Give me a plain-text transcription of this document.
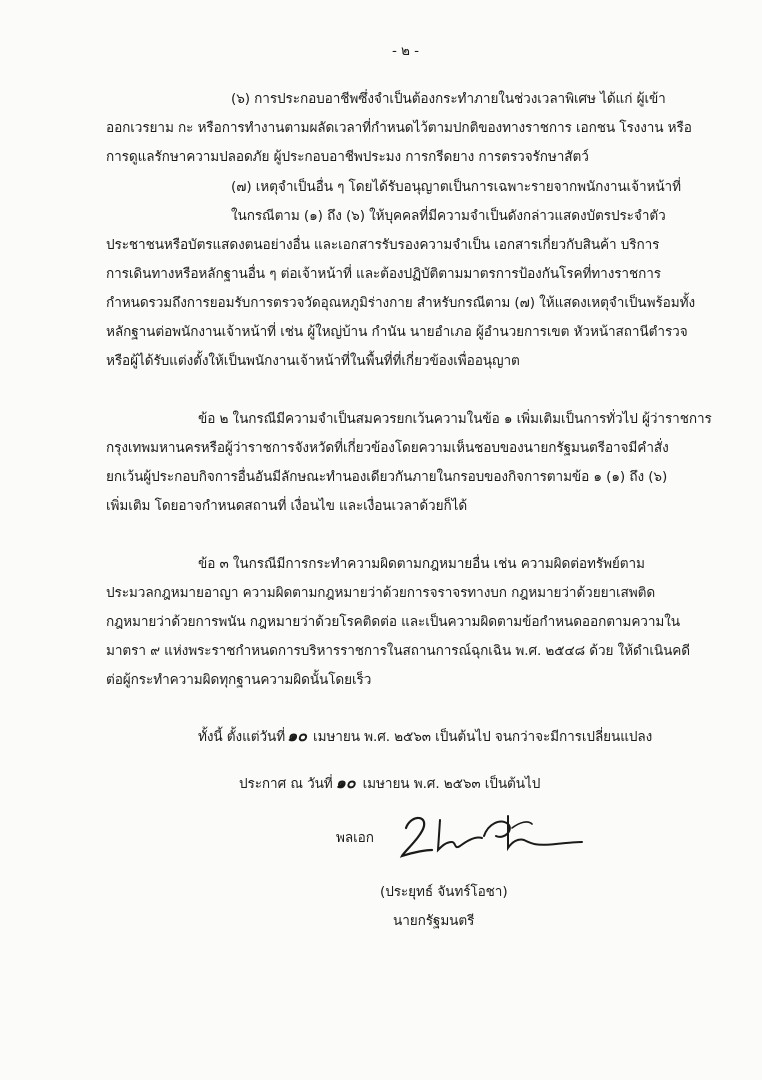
- ๒ -
(๖) การประกอบอาชีพซึ่งจำเป็นต้องกระทำภายในช่วงเวลาพิเศษ ได้แก่ ผู้เข้า
ออกเวรยาม กะ หรือการทำงานตามผลัดเวลาที่กำหนดไว้ตามปกติของทางราชการ เอกชน โรงงาน หรือ
การดูแลรักษาความปลอดภัย ผู้ประกอบอาชีพประมง การกรีดยาง การตรวจรักษาสัตว์
(๗) เหตุจำเป็นอื่น ๆ โดยได้รับอนุญาตเป็นการเฉพาะรายจากพนักงานเจ้าหน้าที่
ในกรณีตาม (๑) ถึง (๖) ให้บุคคลที่มีความจำเป็นดังกล่าวแสดงบัตรประจำตัว
ประชาชนหรือบัตรแสดงตนอย่างอื่น และเอกสารรับรองความจำเป็น เอกสารเกี่ยวกับสินค้า บริการ
การเดินทางหรือหลักฐานอื่น ๆ ต่อเจ้าหน้าที่ และต้องปฏิบัติตามมาตรการป้องกันโรคที่ทางราชการ
กำหนดรวมถึงการยอมรับการตรวจวัดอุณหภูมิร่างกาย สำหรับกรณีตาม (๗) ให้แสดงเหตุจำเป็นพร้อมทั้ง
หลักฐานต่อพนักงานเจ้าหน้าที่ เช่น ผู้ใหญ่บ้าน กำนัน นายอำเภอ ผู้อำนวยการเขต หัวหน้าสถานีตำรวจ
หรือผู้ได้รับแต่งตั้งให้เป็นพนักงานเจ้าหน้าที่ในพื้นที่ที่เกี่ยวข้องเพื่ออนุญาต
ข้อ ๒ ในกรณีมีความจำเป็นสมควรยกเว้นความในข้อ ๑ เพิ่มเติมเป็นการทั่วไป ผู้ว่าราชการ
กรุงเทพมหานครหรือผู้ว่าราชการจังหวัดที่เกี่ยวข้องโดยความเห็นชอบของนายกรัฐมนตรีอาจมีคำสั่ง
ยกเว้นผู้ประกอบกิจการอื่นอันมีลักษณะทำนองเดียวกันภายในกรอบของกิจการตามข้อ ๑ (๑) ถึง (๖)
เพิ่มเติม โดยอาจกำหนดสถานที่ เงื่อนไข และเงื่อนเวลาด้วยก็ได้
ข้อ ๓ ในกรณีมีการกระทำความผิดตามกฎหมายอื่น เช่น ความผิดต่อทรัพย์ตาม
ประมวลกฎหมายอาญา ความผิดตามกฎหมายว่าด้วยการจราจรทางบก กฎหมายว่าด้วยยาเสพติด
กฎหมายว่าด้วยการพนัน กฎหมายว่าด้วยโรคติดต่อ และเป็นความผิดตามข้อกำหนดออกตามความใน
มาตรา ๙ แห่งพระราชกำหนดการบริหารราชการในสถานการณ์ฉุกเฉิน พ.ศ. ๒๕๔๘ ด้วย ให้ดำเนินคดี
ต่อผู้กระทำความผิดทุกฐานความผิดนั้นโดยเร็ว
ทั้งนี้ ตั้งแต่วันที่ ๑๐ เมษายน พ.ศ. ๒๕๖๓ เป็นต้นไป จนกว่าจะมีการเปลี่ยนแปลง
ประกาศ ณ วันที่ ๑๐ เมษายน พ.ศ. ๒๕๖๓ เป็นต้นไป
พลเอก
(ประยุทธ์ จันทร์โอชา)
นายกรัฐมนตรี
